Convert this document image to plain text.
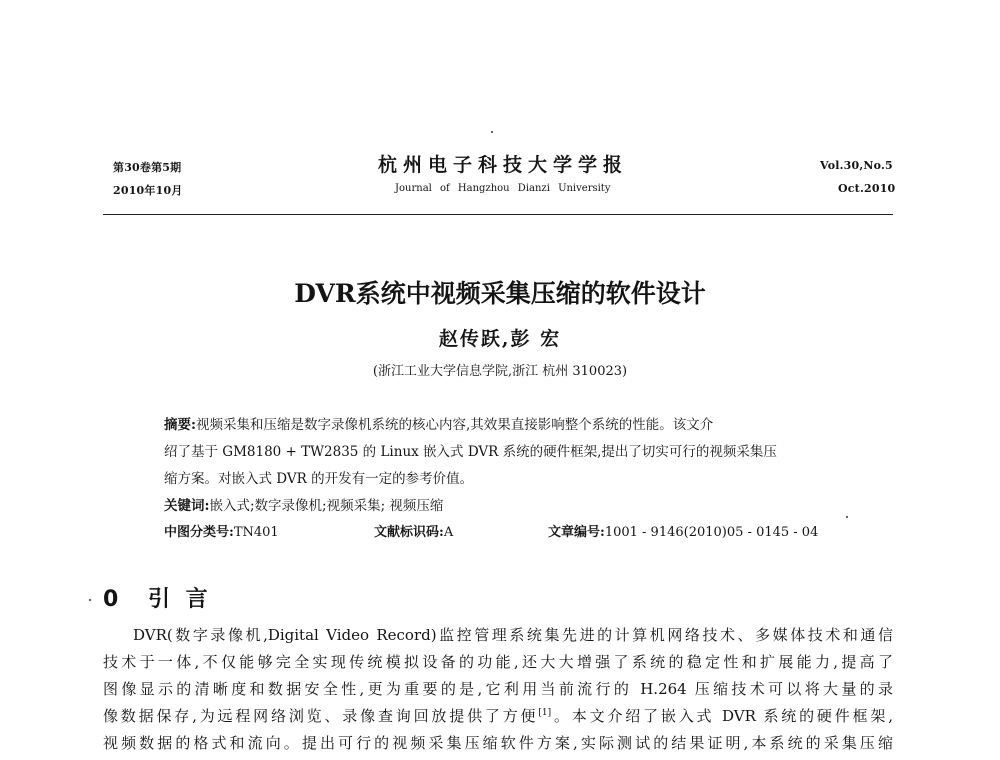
第30卷第5期
2010年10月
杭州电子科技大学学报
Journal of Hangzhou Dianzi University
Vol.30,No.5
Oct.2010
DVR系统中视频采集压缩的软件设计
赵传跃,彭 宏
(浙江工业大学信息学院,浙江 杭州 310023)
摘要:视频采集和压缩是数字录像机系统的核心内容,其效果直接影响整个系统的性能。该文介
绍了基于 GM8180 + TW2835 的 Linux 嵌入式 DVR 系统的硬件框架,提出了切实可行的视频采集压
缩方案。对嵌入式 DVR 的开发有一定的参考价值。
关键词:嵌入式;数字录像机;视频采集; 视频压缩
中图分类号:TN401	文献标识码:A	文章编号:1001 - 9146(2010)05 - 0145 - 04
0 引 言
DVR(数字录像机,Digital Video Record)监控管理系统集先进的计算机网络技术、多媒体技术和通信
技术于一体,不仅能够完全实现传统模拟设备的功能,还大大增强了系统的稳定性和扩展能力,提高了
图像显示的清晰度和数据安全性,更为重要的是,它利用当前流行的 H.264 压缩技术可以将大量的录
像数据保存,为远程网络浏览、录像查询回放提供了方便[1]。本文介绍了嵌入式 DVR 系统的硬件框架,
视频数据的格式和流向。提出可行的视频采集压缩软件方案,实际测试的结果证明,本系统的采集压缩
